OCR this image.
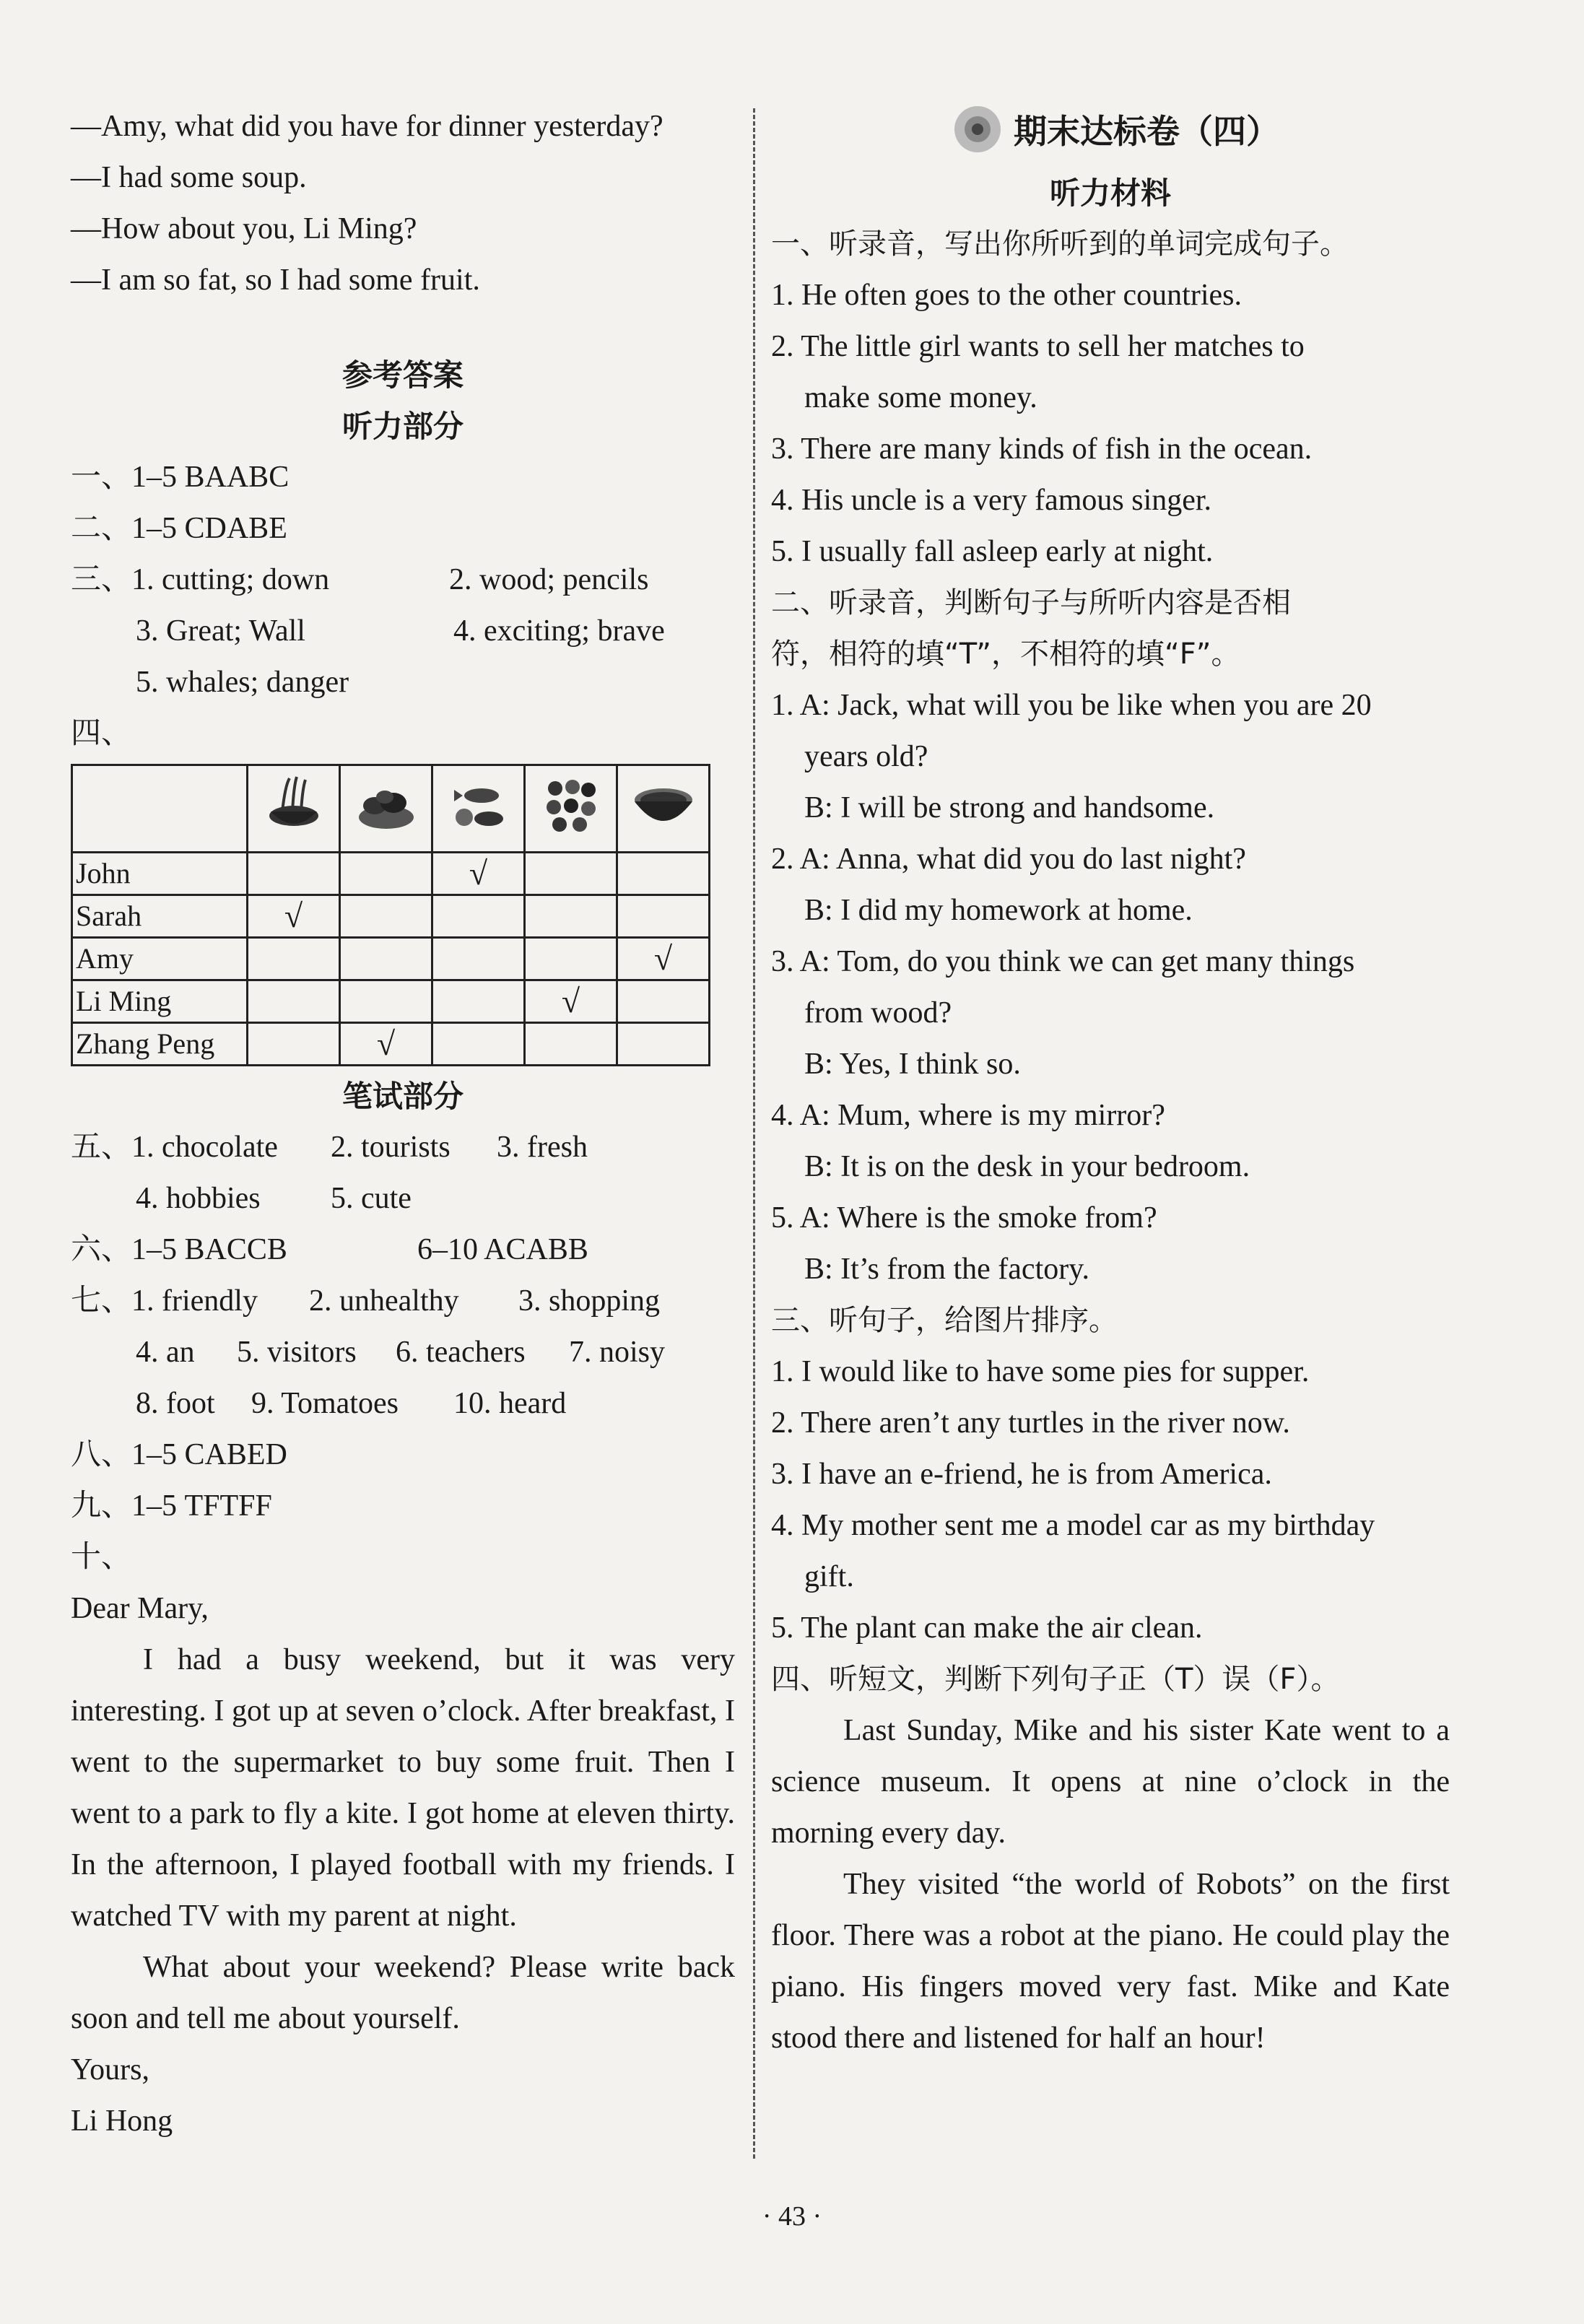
—Amy, what did you have for dinner yesterday?
—I had some soup.
—How about you, Li Ming?
—I am so fat, so I had some fruit.
参考答案
听力部分
一、1–5 BAABC
二、1–5 CDABE
三、 1. cutting; down	2. wood; pencils
3. Great; Wall	4. exciting; brave
5. whales; danger
四、

John			√		
Sarah	√				
Amy					√
Li Ming				√	
Zhang Peng		√			
笔试部分
五、1. chocolate	2. tourists	3. fresh
4. hobbies	5. cute
六、1–5 BACCB	6–10 ACABB
七、1. friendly	2. unhealthy	3. shopping
4. an	5. visitors	6. teachers	7. noisy
8. foot	9. Tomatoes	10. heard
八、1–5 CABED
九、1–5 TFTFF
十、
Dear Mary,
I had a busy weekend, but it was very interesting. I got up at seven o’clock. After breakfast, I went to the supermarket to buy some fruit. Then I went to a park to fly a kite. I got home at eleven thirty. In the afternoon, I played football with my friends. I watched TV with my parent at night.
What about your weekend? Please write back soon and tell me about yourself.
Yours,
Li Hong
期末达标卷（四）
听力材料
一、听录音，写出你所听到的单词完成句子。
1. He often goes to the other countries.
2. The little girl wants to sell her matches to
make some money.
3. There are many kinds of fish in the ocean.
4. His uncle is a very famous singer.
5. I usually fall asleep early at night.
二、听录音，判断句子与所听内容是否相
符，相符的填“T”，不相符的填“F”。
1. A: Jack, what will you be like when you are 20
years old?
B: I will be strong and handsome.
2. A: Anna, what did you do last night?
B: I did my homework at home.
3. A: Tom, do you think we can get many things
from wood?
B: Yes, I think so.
4. A: Mum, where is my mirror?
B: It is on the desk in your bedroom.
5. A: Where is the smoke from?
B: It’s from the factory.
三、听句子，给图片排序。
1. I would like to have some pies for supper.
2. There aren’t any turtles in the river now.
3. I have an e-friend, he is from America.
4. My mother sent me a model car as my birthday
gift.
5. The plant can make the air clean.
四、听短文，判断下列句子正（T）误（F）。
Last Sunday, Mike and his sister Kate went to a science museum. It opens at nine o’clock in the morning every day.
They visited “the world of Robots” on the first floor. There was a robot at the piano. He could play the piano. His fingers moved very fast. Mike and Kate stood there and listened for half an hour!
· 43 ·
